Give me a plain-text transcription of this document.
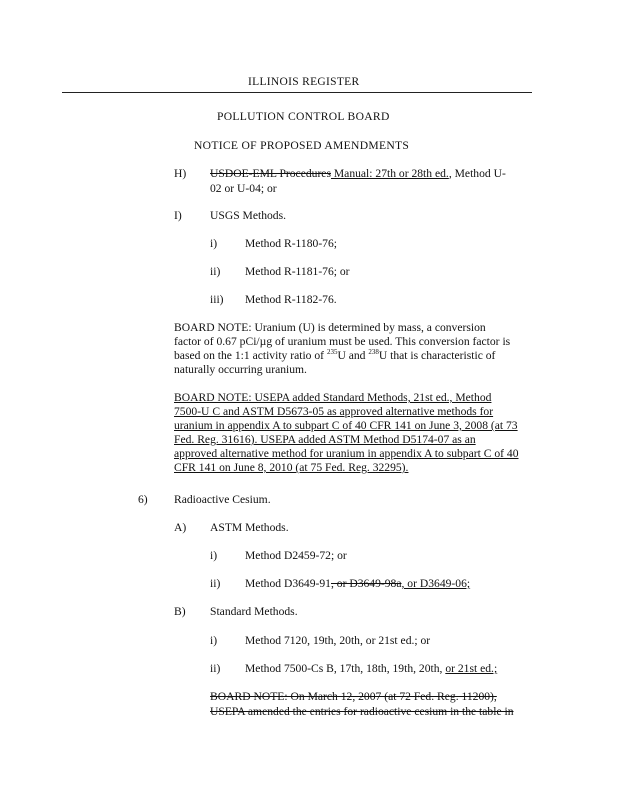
ILLINOIS REGISTER
POLLUTION CONTROL BOARD
NOTICE OF PROPOSED AMENDMENTS
H) USDOE-EML Procedures Manual: 27th or 28th ed., Method U-
02 or U-04; or
I) USGS Methods.
i) Method R-1180-76;
ii) Method R-1181-76; or
iii) Method R-1182-76.
BOARD NOTE: Uranium (U) is determined by mass, a conversion
factor of 0.67 pCi/µg of uranium must be used. This conversion factor is
based on the 1:1 activity ratio of $^{235}$U and $^{238}$U that is characteristic of
naturally occurring uranium.
BOARD NOTE: USEPA added Standard Methods, 21st ed., Method
7500-U C and ASTM D5673-05 as approved alternative methods for
uranium in appendix A to subpart C of 40 CFR 141 on June 3, 2008 (at 73
Fed. Reg. 31616). USEPA added ASTM Method D5174-07 as an
approved alternative method for uranium in appendix A to subpart C of 40
CFR 141 on June 8, 2010 (at 75 Fed. Reg. 32295).
6) Radioactive Cesium.
A) ASTM Methods.
i) Method D2459-72; or
ii) Method D3649-91, or D3649-98a, or D3649-06;
B) Standard Methods.
i) Method 7120, 19th, 20th, or 21st ed.; or
ii) Method 7500-Cs B, 17th, 18th, 19th, 20th, or 21st ed.;
BOARD NOTE: On March 12, 2007 (at 72 Fed. Reg. 11200),
USEPA amended the entries for radioactive cesium in the table in
